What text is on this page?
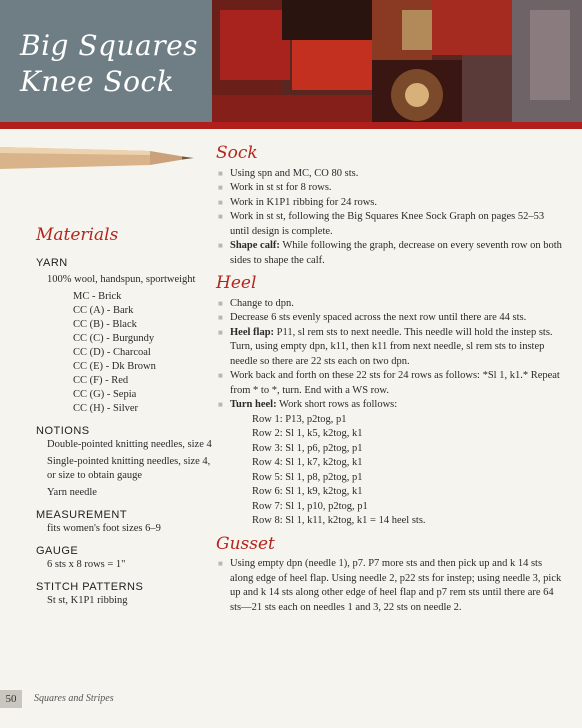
Big Squares
Knee Sock
Materials
YARN
100% wool, handspun, sportweight
MC - Brick
CC (A) - Bark
CC (B) - Black
CC (C) - Burgundy
CC (D) - Charcoal
CC (E) - Dk Brown
CC (F) - Red
CC (G) - Sepia
CC (H) - Silver
NOTIONS
Double-pointed knitting needles, size 4
Single-pointed knitting needles, size 4, or size to obtain gauge
Yarn needle
MEASUREMENT
fits women's foot sizes 6–9
GAUGE
6 sts x 8 rows = 1"
STITCH PATTERNS
St st, K1P1 ribbing
Sock
■ Using spn and MC, CO 80 sts.
■ Work in st st for 8 rows.
■ Work in K1P1 ribbing for 24 rows.
■ Work in st st, following the Big Squares Knee Sock Graph on pages 52–53 until design is complete.
■ Shape calf: While following the graph, decrease on every seventh row on both sides to shape the calf.
Heel
■ Change to dpn.
■ Decrease 6 sts evenly spaced across the next row until there are 44 sts.
■ Heel flap: P11, sl rem sts to next needle. This needle will hold the instep sts. Turn, using empty dpn, k11, then k11 from next needle, sl rem sts to instep needle so there are 22 sts each on two dpn.
■ Work back and forth on these 22 sts for 24 rows as follows: *Sl 1, k1.* Repeat from * to *, turn. End with a WS row.
■ Turn heel: Work short rows as follows:
Row 1: P13, p2tog, p1
Row 2: Sl 1, k5, k2tog, k1
Row 3: Sl 1, p6, p2tog, p1
Row 4: Sl 1, k7, k2tog, k1
Row 5: Sl 1, p8, p2tog, p1
Row 6: Sl 1, k9, k2tog, k1
Row 7: Sl 1, p10, p2tog, p1
Row 8: Sl 1, k11, k2tog, k1 = 14 heel sts.
Gusset
■ Using empty dpn (needle 1), p7. P7 more sts and then pick up and k 14 sts along edge of heel flap. Using needle 2, p22 sts for instep; using needle 3, pick up and k 14 sts along other edge of heel flap and p7 rem sts until there are 64 sts—21 sts each on needles 1 and 3, 22 sts on needle 2.
50	Squares and Stripes
